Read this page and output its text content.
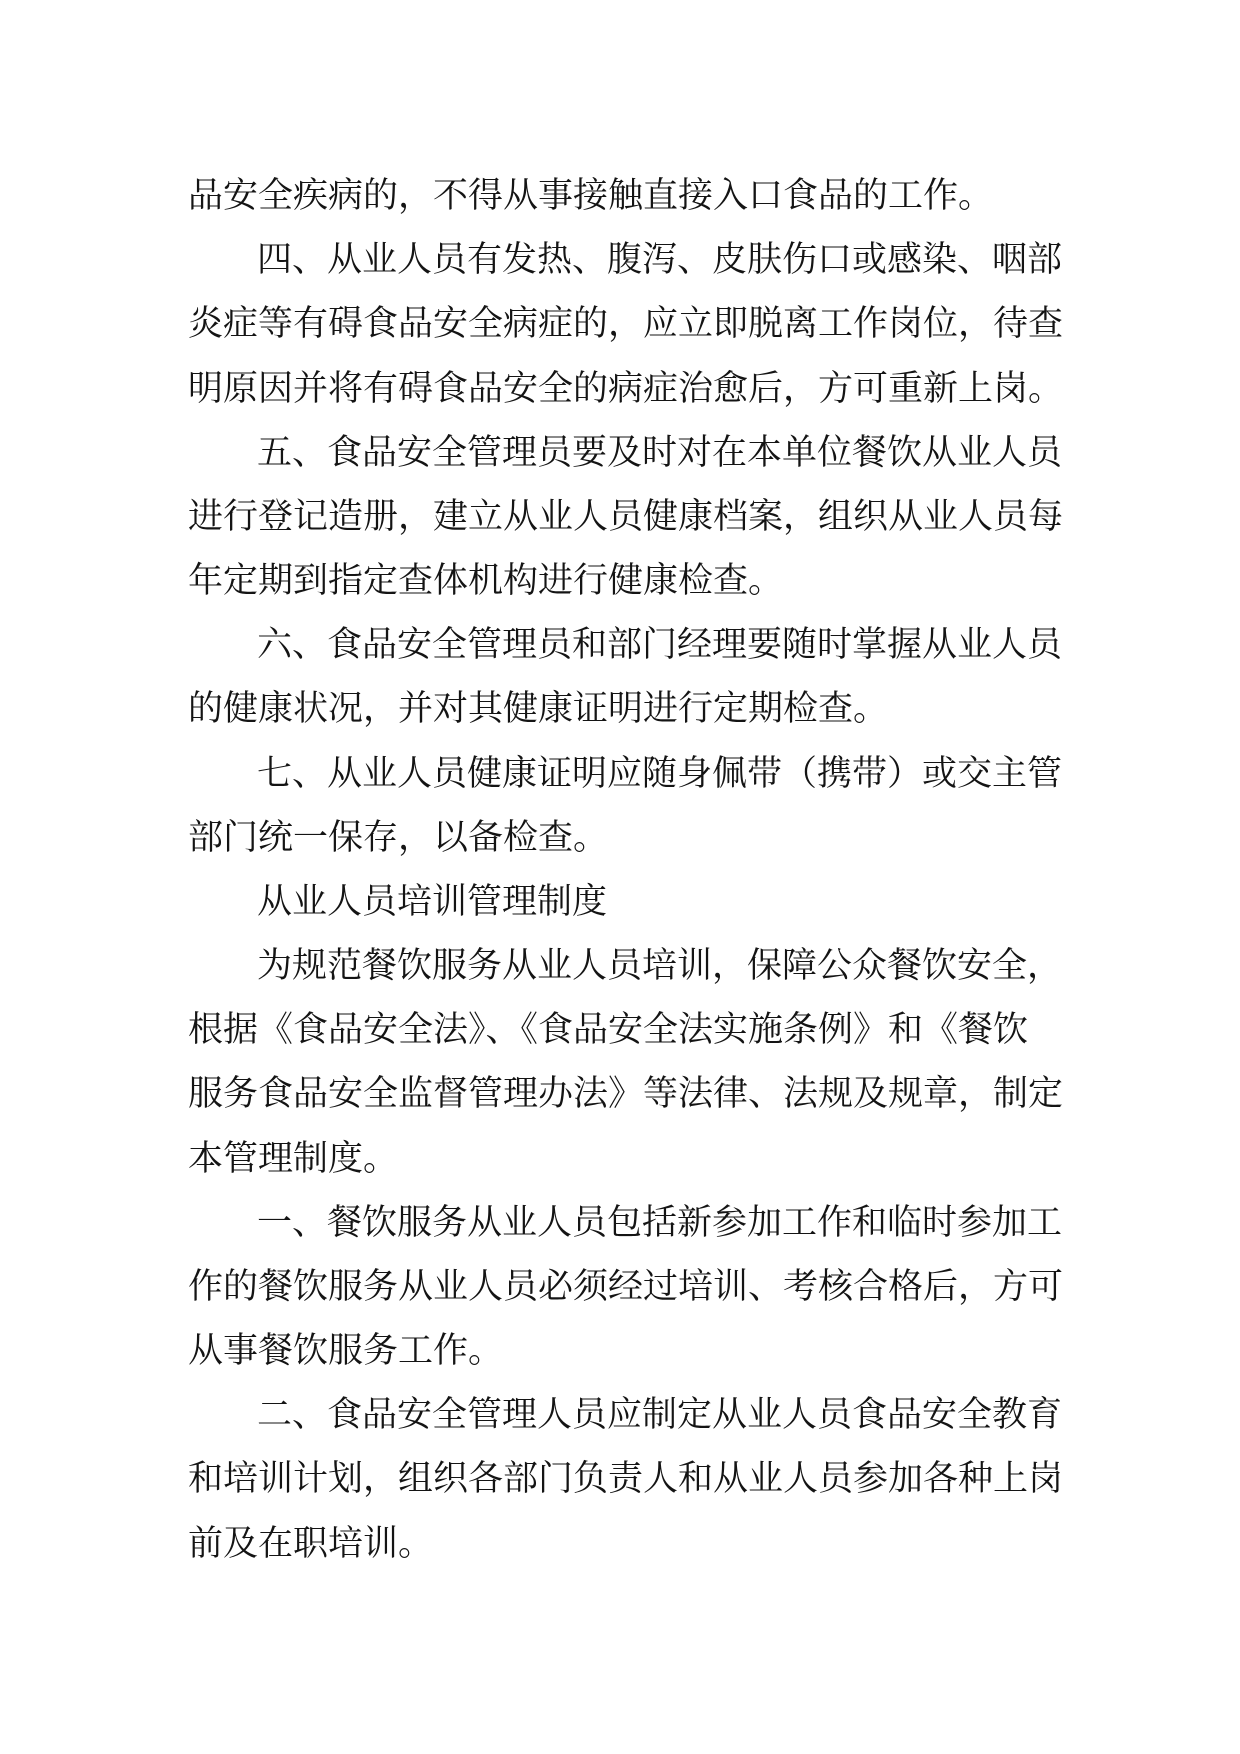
品安全疾病的，不得从事接触直接入口食品的工作。

四、从业人员有发热、腹泻、皮肤伤口或感染、咽部

炎症等有碍食品安全病症的，应立即脱离工作岗位，待查

明原因并将有碍食品安全的病症治愈后，方可重新上岗。

五、食品安全管理员要及时对在本单位餐饮从业人员

进行登记造册，建立从业人员健康档案，组织从业人员每

年定期到指定查体机构进行健康检查。

六、食品安全管理员和部门经理要随时掌握从业人员

的健康状况，并对其健康证明进行定期检查。

七、从业人员健康证明应随身佩带（携带）或交主管

部门统一保存，以备检查。

从业人员培训管理制度

为规范餐饮服务从业人员培训，保障公众餐饮安全，

根据《食品安全法》、《食品安全法实施条例》和《餐饮

服务食品安全监督管理办法》等法律、法规及规章，制定

本管理制度。

一、餐饮服务从业人员包括新参加工作和临时参加工

作的餐饮服务从业人员必须经过培训、考核合格后，方可

从事餐饮服务工作。

二、食品安全管理人员应制定从业人员食品安全教育

和培训计划，组织各部门负责人和从业人员参加各种上岗

前及在职培训。
